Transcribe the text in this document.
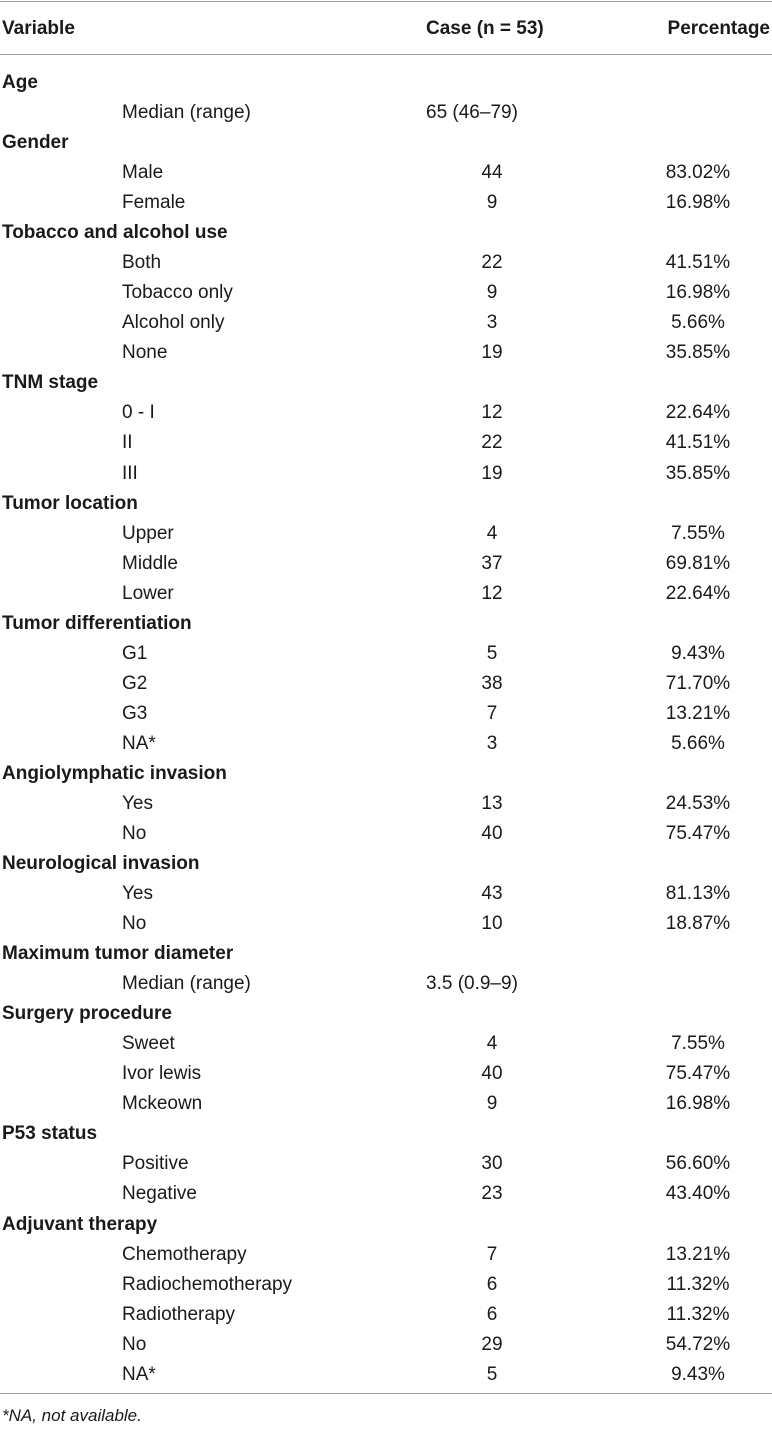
Variable	Case (n = 53)	Percentage
Age
Median (range)	65 (46–79)
Gender
Male	44	83.02%
Female	9	16.98%
Tobacco and alcohol use
Both	22	41.51%
Tobacco only	9	16.98%
Alcohol only	3	5.66%
None	19	35.85%
TNM stage
0 - I	12	22.64%
II	22	41.51%
III	19	35.85%
Tumor location
Upper	4	7.55%
Middle	37	69.81%
Lower	12	22.64%
Tumor differentiation
G1	5	9.43%
G2	38	71.70%
G3	7	13.21%
NA*	3	5.66%
Angiolymphatic invasion
Yes	13	24.53%
No	40	75.47%
Neurological invasion
Yes	43	81.13%
No	10	18.87%
Maximum tumor diameter
Median (range)	3.5 (0.9–9)
Surgery procedure
Sweet	4	7.55%
Ivor lewis	40	75.47%
Mckeown	9	16.98%
P53 status
Positive	30	56.60%
Negative	23	43.40%
Adjuvant therapy
Chemotherapy	7	13.21%
Radiochemotherapy	6	11.32%
Radiotherapy	6	11.32%
No	29	54.72%
NA*	5	9.43%
*NA, not available.
